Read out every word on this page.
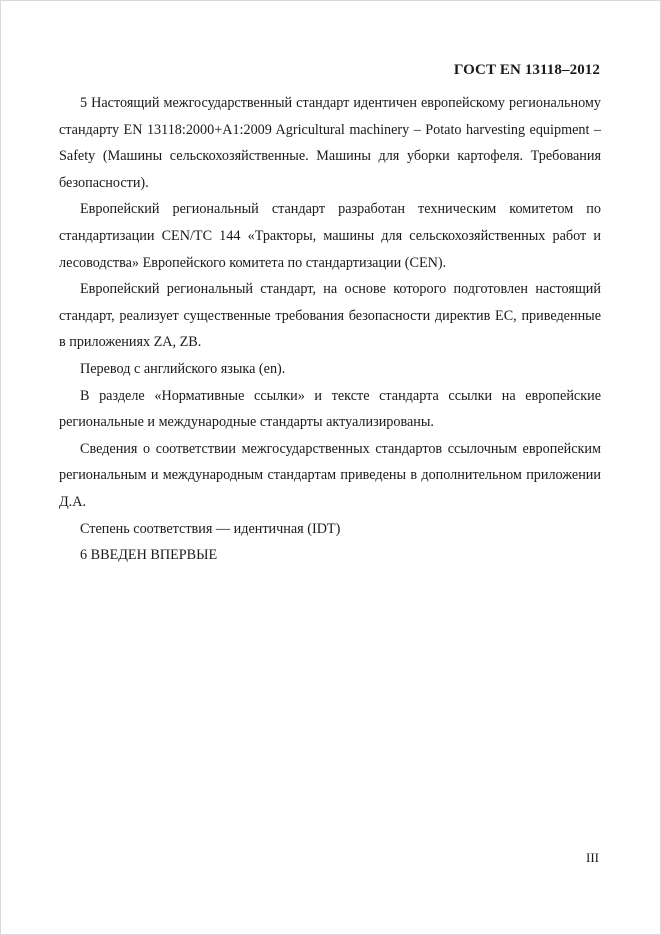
ГОСТ EN 13118–2012

5 Настоящий межгосударственный стандарт идентичен европейскому региональному стандарту EN 13118:2000+A1:2009 Agricultural machinery – Potato harvesting equipment – Safety (Машины сельскохозяйственные. Машины для уборки картофеля. Требования безопасности).

Европейский региональный стандарт разработан техническим комитетом по стандартизации CEN/TC 144 «Тракторы, машины для сельскохозяйственных работ и лесоводства» Европейского комитета по стандартизации (CEN).

Европейский региональный стандарт, на основе которого подготовлен настоящий стандарт, реализует существенные требования безопасности директив ЕС, приведенные в приложениях ZA, ZB.

Перевод с английского языка (en).

В разделе «Нормативные ссылки» и тексте стандарта ссылки на европейские региональные и международные стандарты актуализированы.

Сведения о соответствии межгосударственных стандартов ссылочным европейским региональным и международным стандартам приведены в дополнительном приложении Д.А.

Степень соответствия — идентичная (IDT)

6 ВВЕДЕН ВПЕРВЫЕ

III
